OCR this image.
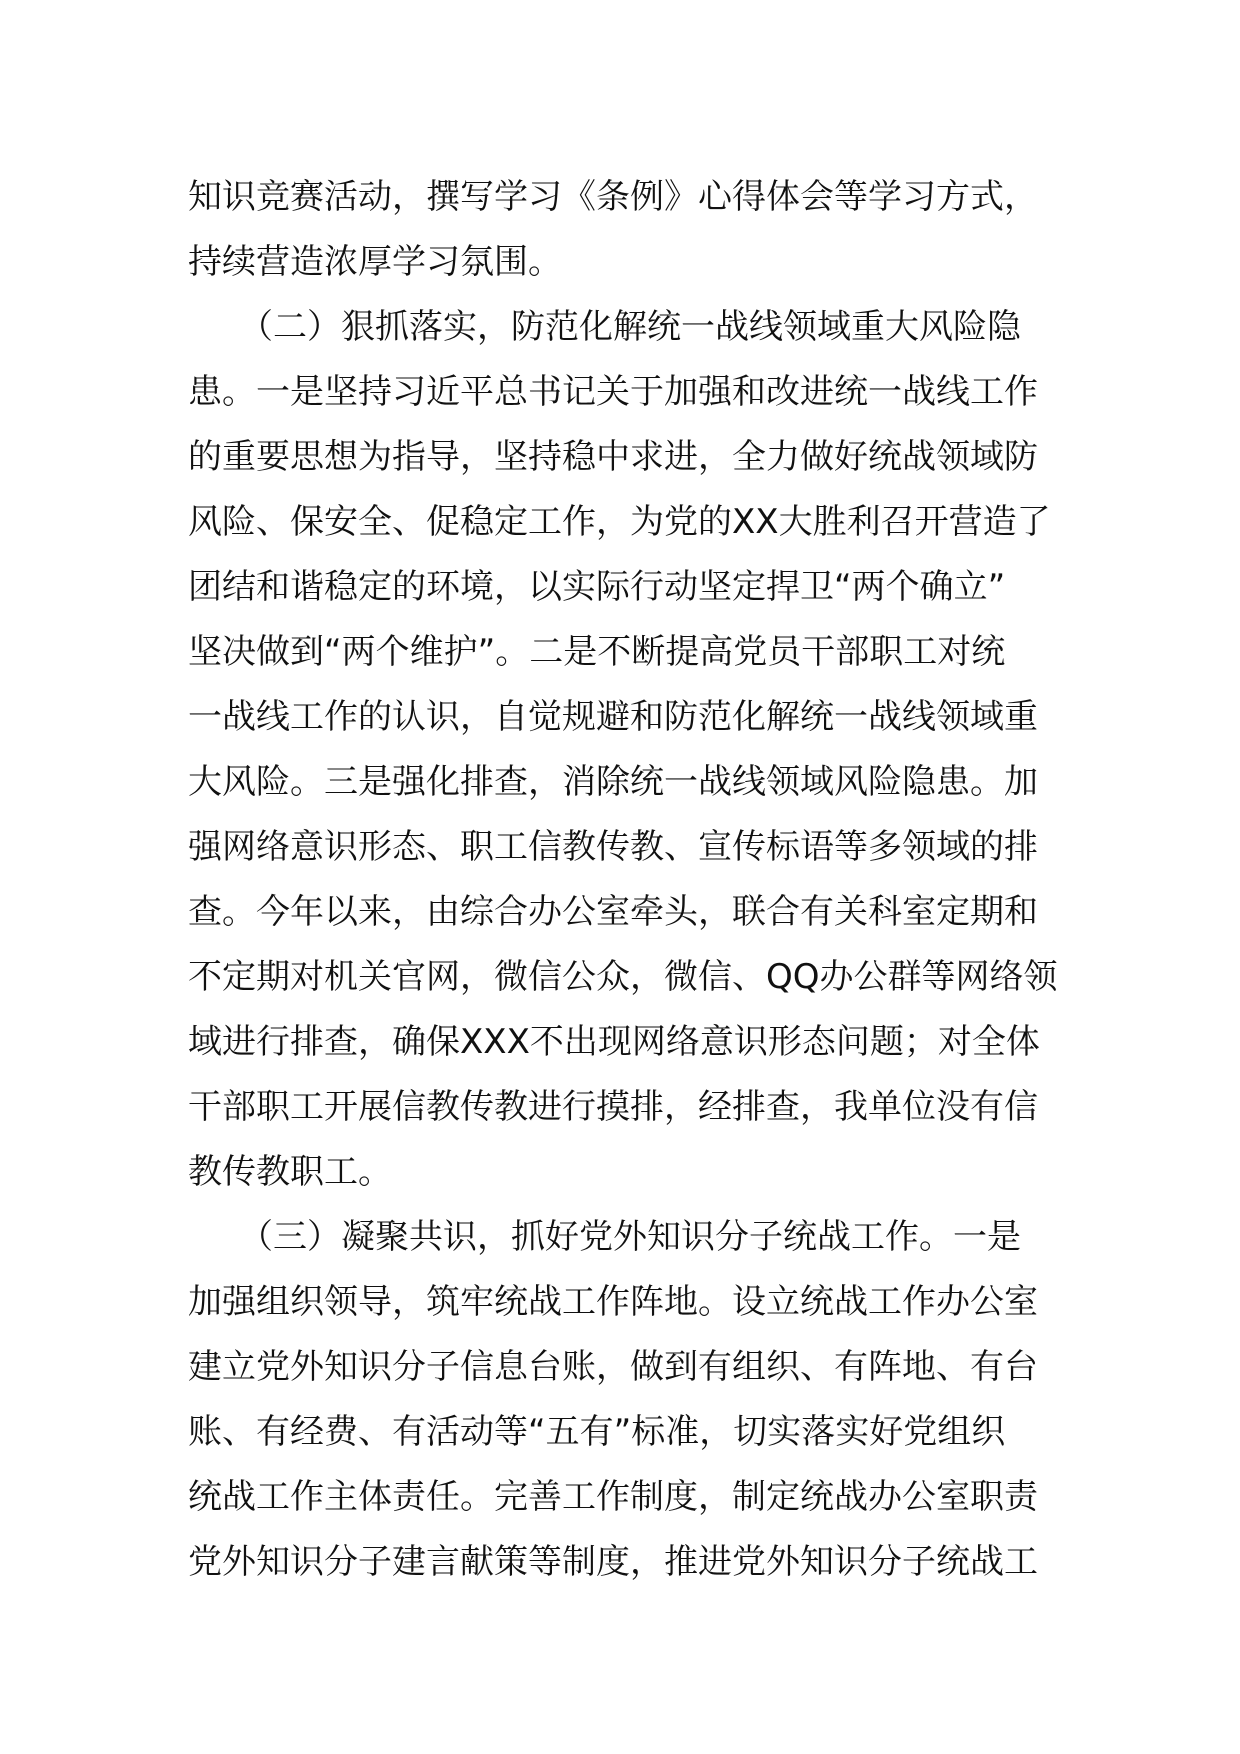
知识竞赛活动，撰写学习《条例》心得体会等学习方式，
持续营造浓厚学习氛围。
　　（二）狠抓落实，防范化解统一战线领域重大风险隐
患。一是坚持习近平总书记关于加强和改进统一战线工作
的重要思想为指导，坚持稳中求进，全力做好统战领域防
风险、保安全、促稳定工作，为党的XX大胜利召开营造了
团结和谐稳定的环境，以实际行动坚定捍卫“两个确立”
坚决做到“两个维护”。二是不断提高党员干部职工对统
一战线工作的认识，自觉规避和防范化解统一战线领域重
大风险。三是强化排查，消除统一战线领域风险隐患。加
强网络意识形态、职工信教传教、宣传标语等多领域的排
查。今年以来，由综合办公室牵头，联合有关科室定期和
不定期对机关官网，微信公众，微信、QQ办公群等网络领
域进行排查，确保XXX不出现网络意识形态问题；对全体
干部职工开展信教传教进行摸排，经排查，我单位没有信
教传教职工。
　　（三）凝聚共识，抓好党外知识分子统战工作。一是
加强组织领导，筑牢统战工作阵地。设立统战工作办公室
建立党外知识分子信息台账，做到有组织、有阵地、有台
账、有经费、有活动等“五有”标准，切实落实好党组织
统战工作主体责任。完善工作制度，制定统战办公室职责
党外知识分子建言献策等制度，推进党外知识分子统战工
